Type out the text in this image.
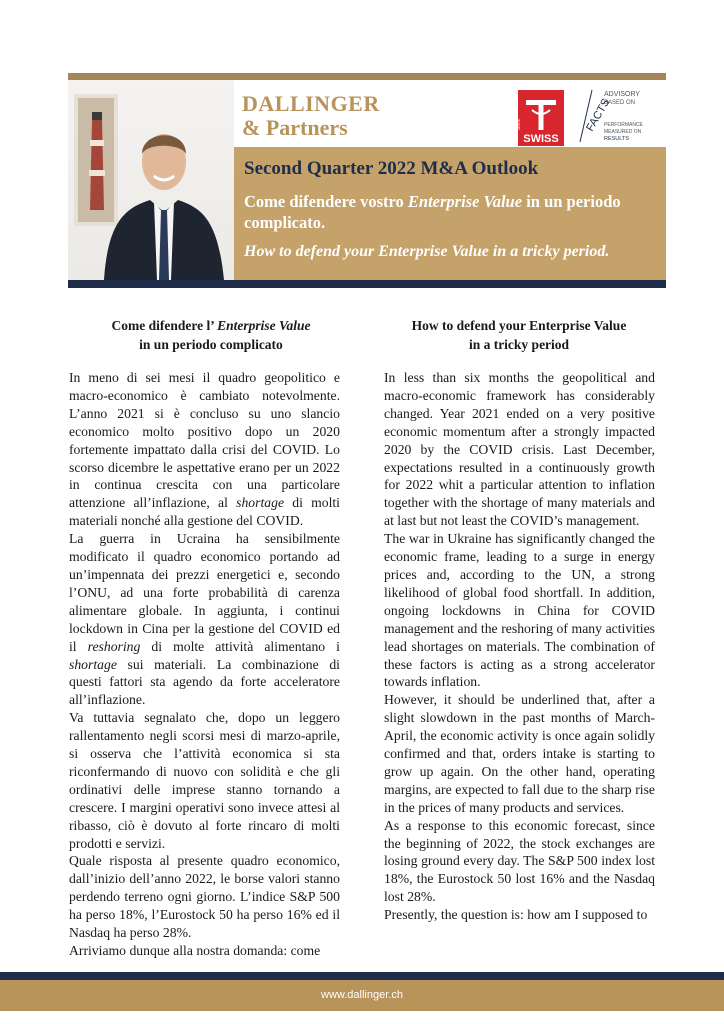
DALLINGER
& Partners	MADE
SWISS
ADVISORY
BASED ON
FACTS
PERFORMANCE
MEASURED ON
RESULTS
Second Quarter 2022 M&A Outlook
Come difendere vostro Enterprise Value in un periodo complicato.
How to defend your Enterprise Value in a tricky period.
Come difendere l’ Enterprise Value
in un periodo complicato

In meno di sei mesi il quadro geopolitico e macro-economico è cambiato notevolmente. L’anno 2021 si è concluso su uno slancio economico molto positivo dopo un 2020 fortemente impattato dalla crisi del COVID. Lo scorso dicembre le aspettative erano per un 2022 in continua crescita con una particolare attenzione all’inflazione, al shortage di molti materiali nonché alla gestione del COVID.

La guerra in Ucraina ha sensibilmente modificato il quadro economico portando ad un’impennata dei prezzi energetici e, secondo l’ONU, ad una forte probabilità di carenza alimentare globale. In aggiunta, i continui lockdown in Cina per la gestione del COVID ed il reshoring di molte attività alimentano i shortage sui materiali. La combinazione di questi fattori sta agendo da forte acceleratore all’inflazione.

Va tuttavia segnalato che, dopo un leggero rallentamento negli scorsi mesi di marzo-aprile, si osserva che l’attività economica si sta riconfermando di nuovo con solidità e che gli ordinativi delle imprese stanno tornando a crescere. I margini operativi sono invece attesi al ribasso, ciò è dovuto al forte rincaro di molti prodotti e servizi.

Quale risposta al presente quadro economico, dall’inizio dell’anno 2022, le borse valori stanno perdendo terreno ogni giorno. L’indice S&P 500 ha perso 18%, l’Eurostock 50 ha perso 16% ed il Nasdaq ha perso 28%.

Arriviamo dunque alla nostra domanda: come

How to defend your Enterprise Value
in a tricky period

In less than six months the geopolitical and macro-economic framework has considerably changed. Year 2021 ended on a very positive economic momentum after a strongly impacted 2020 by the COVID crisis. Last December, expectations resulted in a continuously growth for 2022 whit a particular attention to inflation together with the shortage of many materials and at last but not least the COVID’s management.

The war in Ukraine has significantly changed the economic frame, leading to a surge in energy prices and, according to the UN, a strong likelihood of global food shortfall. In addition, ongoing lockdowns in China for COVID management and the reshoring of many activities lead shortages on materials. The combination of these factors is acting as a strong accelerator towards inflation.

However, it should be underlined that, after a slight slowdown in the past months of March-April, the economic activity is once again solidly confirmed and that, orders intake is starting to grow up again. On the other hand, operating margins, are expected to fall due to the sharp rise in the prices of many products and services.

As a response to this economic forecast, since the beginning of 2022, the stock exchanges are losing ground every day. The S&P 500 index lost 18%, the Eurostock 50 lost 16% and the Nasdaq lost 28%.

Presently, the question is: how am I supposed to

www.dallinger.ch
